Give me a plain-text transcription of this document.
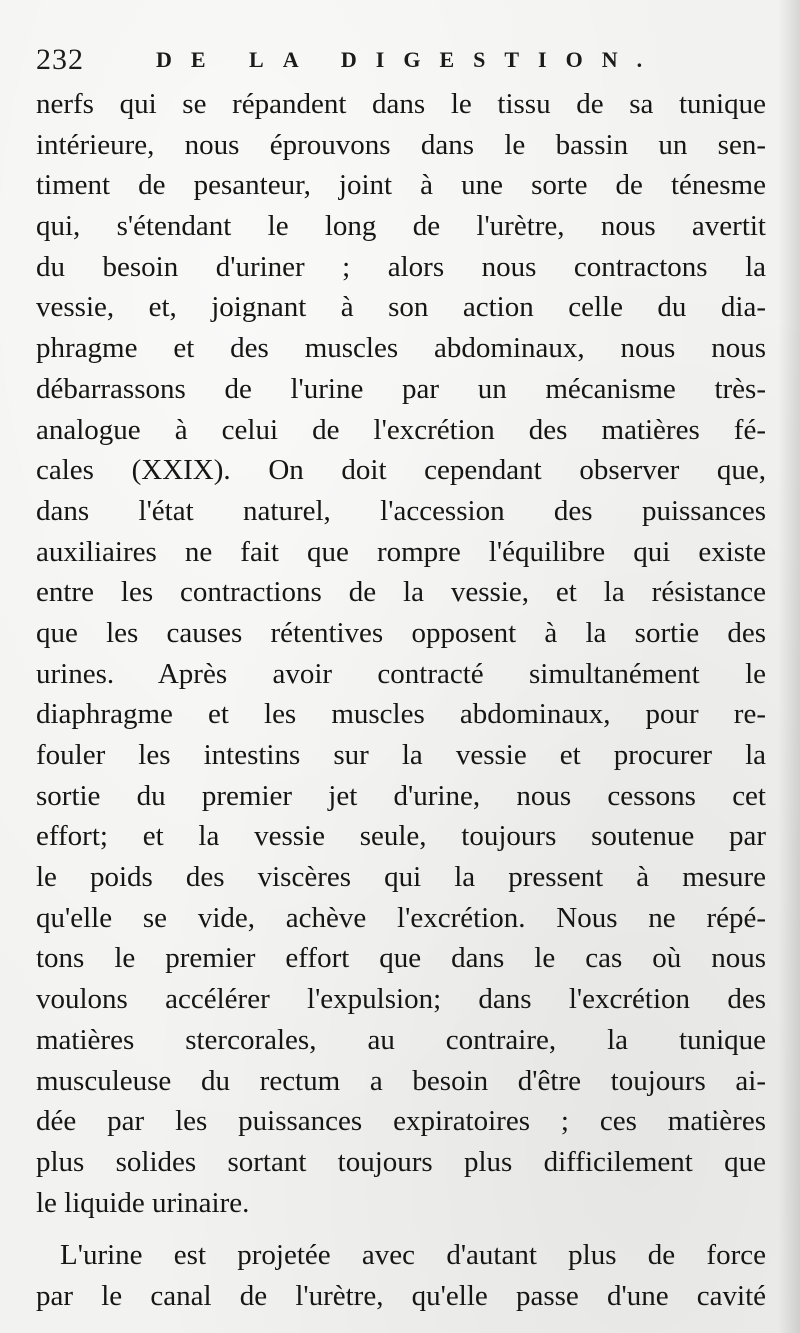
232	DE LA DIGESTION.
nerfs qui se répandent dans le tissu de sa tunique
intérieure, nous éprouvons dans le bassin un sen-
timent de pesanteur, joint à une sorte de ténesme
qui, s'étendant le long de l'urètre, nous avertit
du besoin d'uriner ; alors nous contractons la
vessie, et, joignant à son action celle du dia-
phragme et des muscles abdominaux, nous nous
débarrassons de l'urine par un mécanisme très-
analogue à celui de l'excrétion des matières fé-
cales (XXIX). On doit cependant observer que,
dans l'état naturel, l'accession des puissances
auxiliaires ne fait que rompre l'équilibre qui existe
entre les contractions de la vessie, et la résistance
que les causes rétentives opposent à la sortie des
urines. Après avoir contracté simultanément le
diaphragme et les muscles abdominaux, pour re-
fouler les intestins sur la vessie et procurer la
sortie du premier jet d'urine, nous cessons cet
effort; et la vessie seule, toujours soutenue par
le poids des viscères qui la pressent à mesure
qu'elle se vide, achève l'excrétion. Nous ne répé-
tons le premier effort que dans le cas où nous
voulons accélérer l'expulsion; dans l'excrétion des
matières stercorales, au contraire, la tunique
musculeuse du rectum a besoin d'être toujours ai-
dée par les puissances expiratoires ; ces matières
plus solides sortant toujours plus difficilement que
le liquide urinaire.
L'urine est projetée avec d'autant plus de force
par le canal de l'urètre, qu'elle passe d'une cavité
